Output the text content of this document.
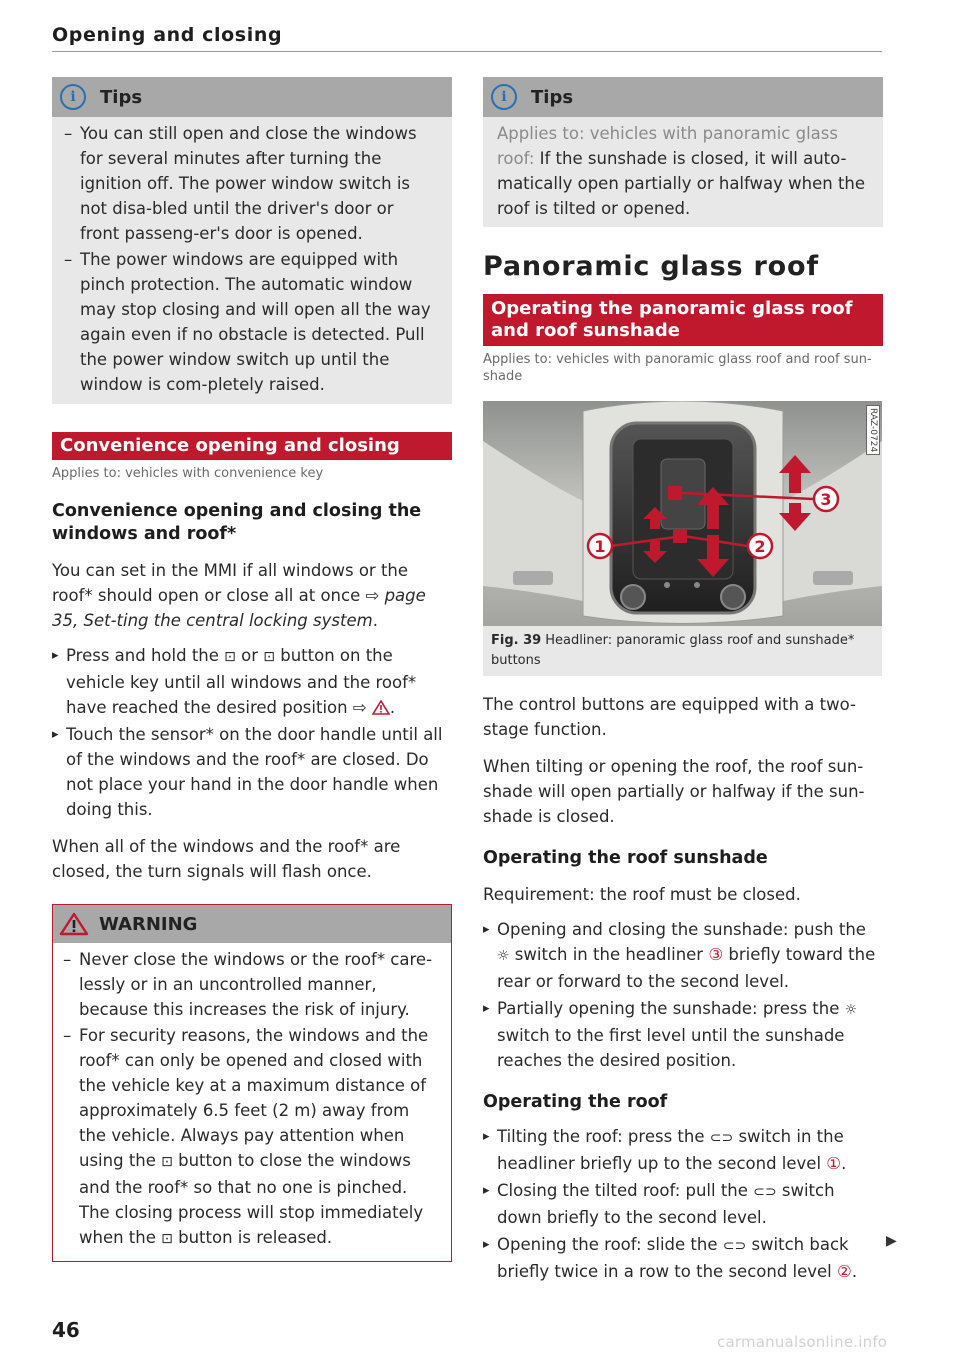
Opening and closing
i	Tips
– You can still open and close the windows for several minutes after turning the ignition off. The power window switch is not disa-bled until the driver's door or front passeng-er's door is opened.
– The power windows are equipped with pinch protection. The automatic window may stop closing and will open all the way again even if no obstacle is detected. Pull the power window switch up until the window is com-pletely raised.
Convenience opening and closing
Applies to: vehicles with convenience key
Convenience opening and closing the windows and roof*

You can set in the MMI if all windows or the roof* should open or close all at once ⇨ page 35, Set-ting the central locking system.

▸ Press and hold the ⊡ or ⊡ button on the vehicle key until all windows and the roof* have reached the desired position ⇨ .
▸ Touch the sensor* on the door handle until all of the windows and the roof* are closed. Do not place your hand in the door handle when doing this.

When all of the windows and the roof* are closed, the turn signals will flash once.

WARNING
– Never close the windows or the roof* care-lessly or in an uncontrolled manner, because this increases the risk of injury.
– For security reasons, the windows and the roof* can only be opened and closed with the vehicle key at a maximum distance of approximately 6.5 feet (2 m) away from the vehicle. Always pay attention when using the ⊡ button to close the windows and the roof* so that no one is pinched. The closing process will stop immediately when the ⊡ button is released.
i	Tips
Applies to: vehicles with panoramic glass roof: If the sunshade is closed, it will auto-matically open partially or halfway when the roof is tilted or opened.
Panoramic glass roof
Operating the panoramic glass roof and roof sunshade
Applies to: vehicles with panoramic glass roof and roof sun-shade
1	2
3
RAZ-0724
Fig. 39 Headliner: panoramic glass roof and sunshade* buttons

The control buttons are equipped with a two-stage function.

When tilting or opening the roof, the roof sun-shade will open partially or halfway if the sun-shade is closed.

Operating the roof sunshade

Requirement: the roof must be closed.

▸ Opening and closing the sunshade: push the ☼ switch in the headliner ③ briefly toward the rear or forward to the second level.
▸ Partially opening the sunshade: press the ☼ switch to the first level until the sunshade reaches the desired position.
Operating the roof
▸ Tilting the roof: press the ⊂⊃ switch in the headliner briefly up to the second level ①.
▸ Closing the tilted roof: pull the ⊂⊃ switch down briefly to the second level.
▸ Opening the roof: slide the ⊂⊃ switch back briefly twice in a row to the second level ②.
▶
46	carmanualsonline.info
